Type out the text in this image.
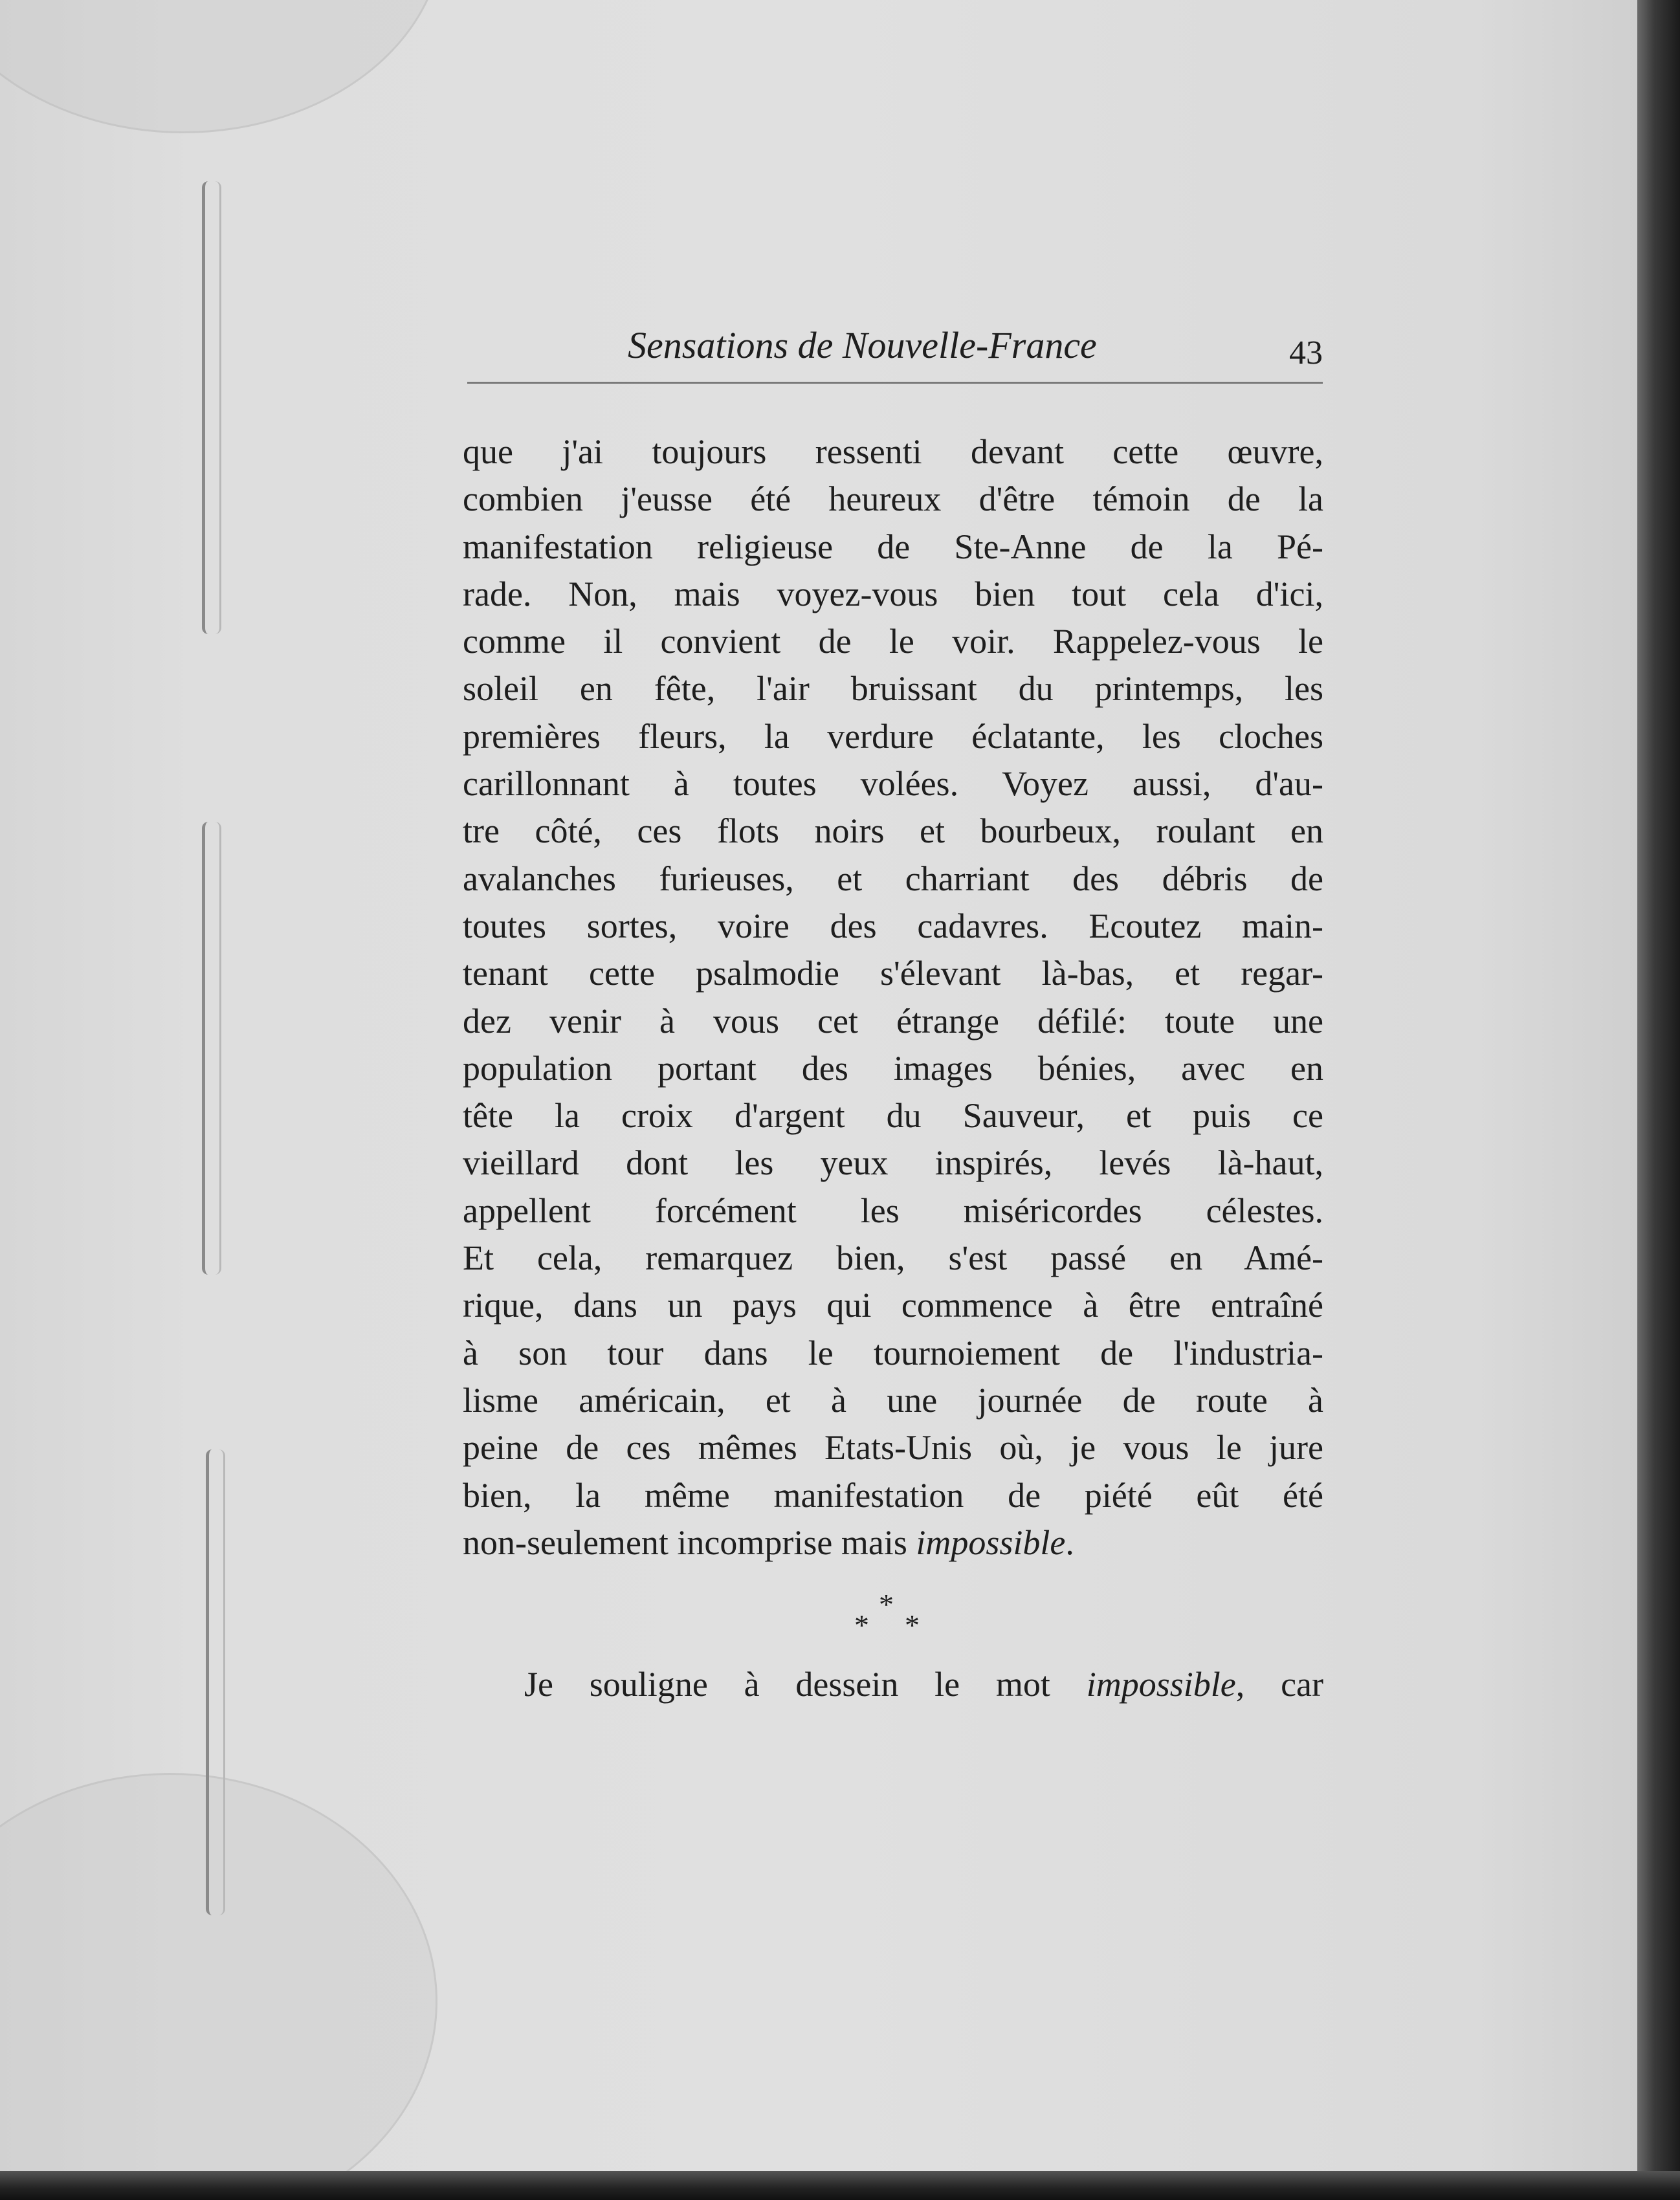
Sensations de Nouvelle-France	43

que j'ai toujours ressenti devant cette œuvre,
combien j'eusse été heureux d'être témoin de la
manifestation religieuse de Ste-Anne de la Pé-
rade. Non, mais voyez-vous bien tout cela d'ici,
comme il convient de le voir. Rappelez-vous le
soleil en fête, l'air bruissant du printemps, les
premières fleurs, la verdure éclatante, les cloches
carillonnant à toutes volées. Voyez aussi, d'au-
tre côté, ces flots noirs et bourbeux, roulant en
avalanches furieuses, et charriant des débris de
toutes sortes, voire des cadavres. Ecoutez main-
tenant cette psalmodie s'élevant là-bas, et regar-
dez venir à vous cet étrange défilé: toute une
population portant des images bénies, avec en
tête la croix d'argent du Sauveur, et puis ce
vieillard dont les yeux inspirés, levés là-haut,
appellent forcément les miséricordes célestes.
Et cela, remarquez bien, s'est passé en Amé-
rique, dans un pays qui commence à être entraîné
à son tour dans le tournoiement de l'industria-
lisme américain, et à une journée de route à
peine de ces mêmes Etats-Unis où, je vous le jure
bien, la même manifestation de piété eût été
non-seulement incomprise mais impossible.

*
* *

Je souligne à dessein le mot impossible, car
